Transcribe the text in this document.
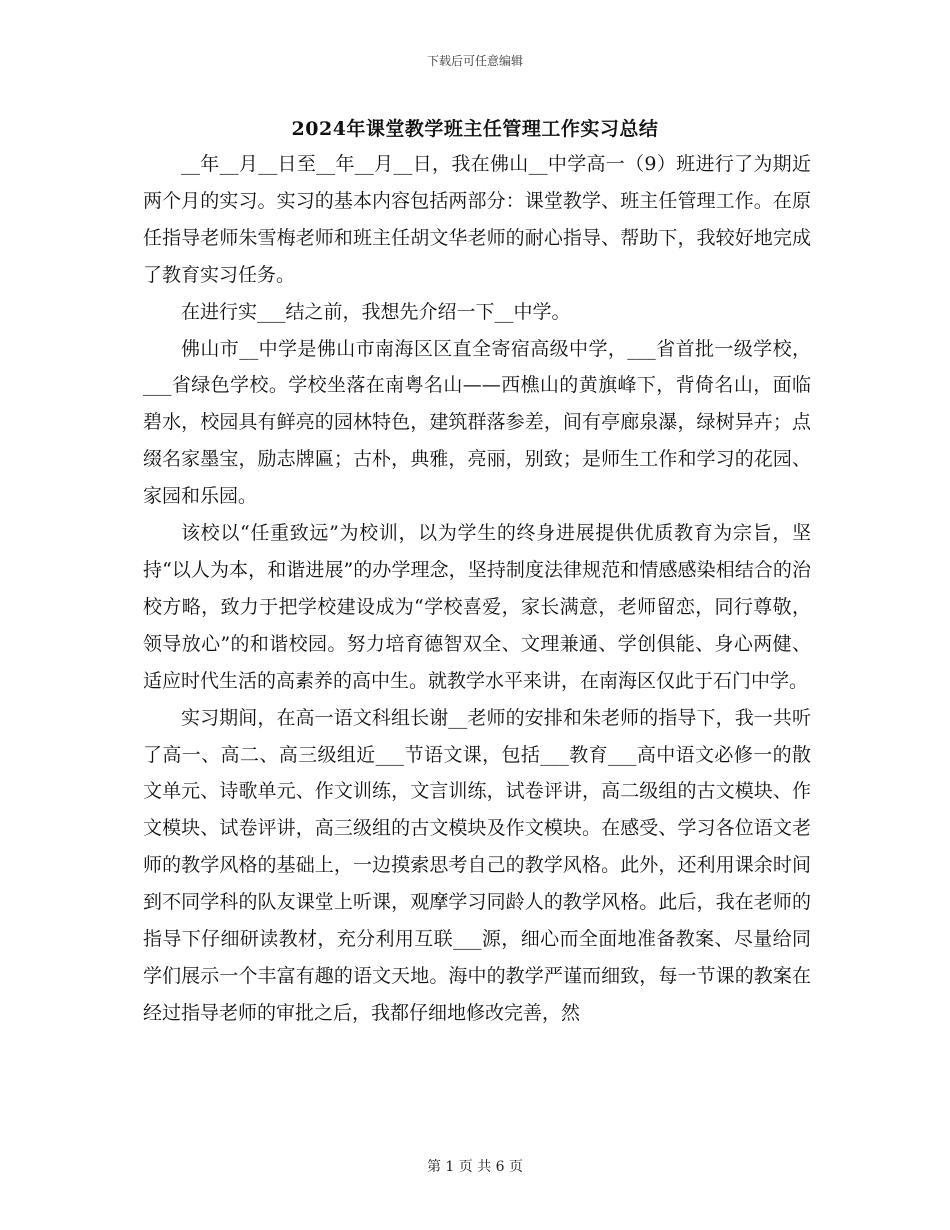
下载后可任意编辑
2024年课堂教学班主任管理工作实习总结

__年__月__日至__年__月__日，我在佛山__中学高一（9）班进行了为期近两个月的实习。实习的基本内容包括两部分：课堂教学、班主任管理工作。在原任指导老师朱雪梅老师和班主任胡文华老师的耐心指导、帮助下，我较好地完成了教育实习任务。

在进行实___结之前，我想先介绍一下__中学。

佛山市__中学是佛山市南海区区直全寄宿高级中学，___省首批一级学校，___省绿色学校。学校坐落在南粤名山——西樵山的黄旗峰下，背倚名山，面临碧水，校园具有鲜亮的园林特色，建筑群落参差，间有亭廊泉瀑，绿树异卉；点缀名家墨宝，励志牌匾；古朴，典雅，亮丽，别致；是师生工作和学习的花园、家园和乐园。

该校以“任重致远”为校训，以为学生的终身进展提供优质教育为宗旨，坚持“以人为本，和谐进展”的办学理念，坚持制度法律规范和情感感染相结合的治校方略，致力于把学校建设成为“学校喜爱，家长满意，老师留恋，同行尊敬，领导放心”的和谐校园。努力培育德智双全、文理兼通、学创俱能、身心两健、适应时代生活的高素养的高中生。就教学水平来讲，在南海区仅此于石门中学。

实习期间，在高一语文科组长谢__老师的安排和朱老师的指导下，我一共听了高一、高二、高三级组近___节语文课，包括___教育___高中语文必修一的散文单元、诗歌单元、作文训练，文言训练，试卷评讲，高二级组的古文模块、作文模块、试卷评讲，高三级组的古文模块及作文模块。在感受、学习各位语文老师的教学风格的基础上，一边摸索思考自己的教学风格。此外，还利用课余时间到不同学科的队友课堂上听课，观摩学习同龄人的教学风格。此后，我在老师的指导下仔细研读教材，充分利用互联___源，细心而全面地准备教案、尽量给同学们展示一个丰富有趣的语文天地。海中的教学严谨而细致，每一节课的教案在经过指导老师的审批之后，我都仔细地修改完善，然

第 1 页 共 6 页
